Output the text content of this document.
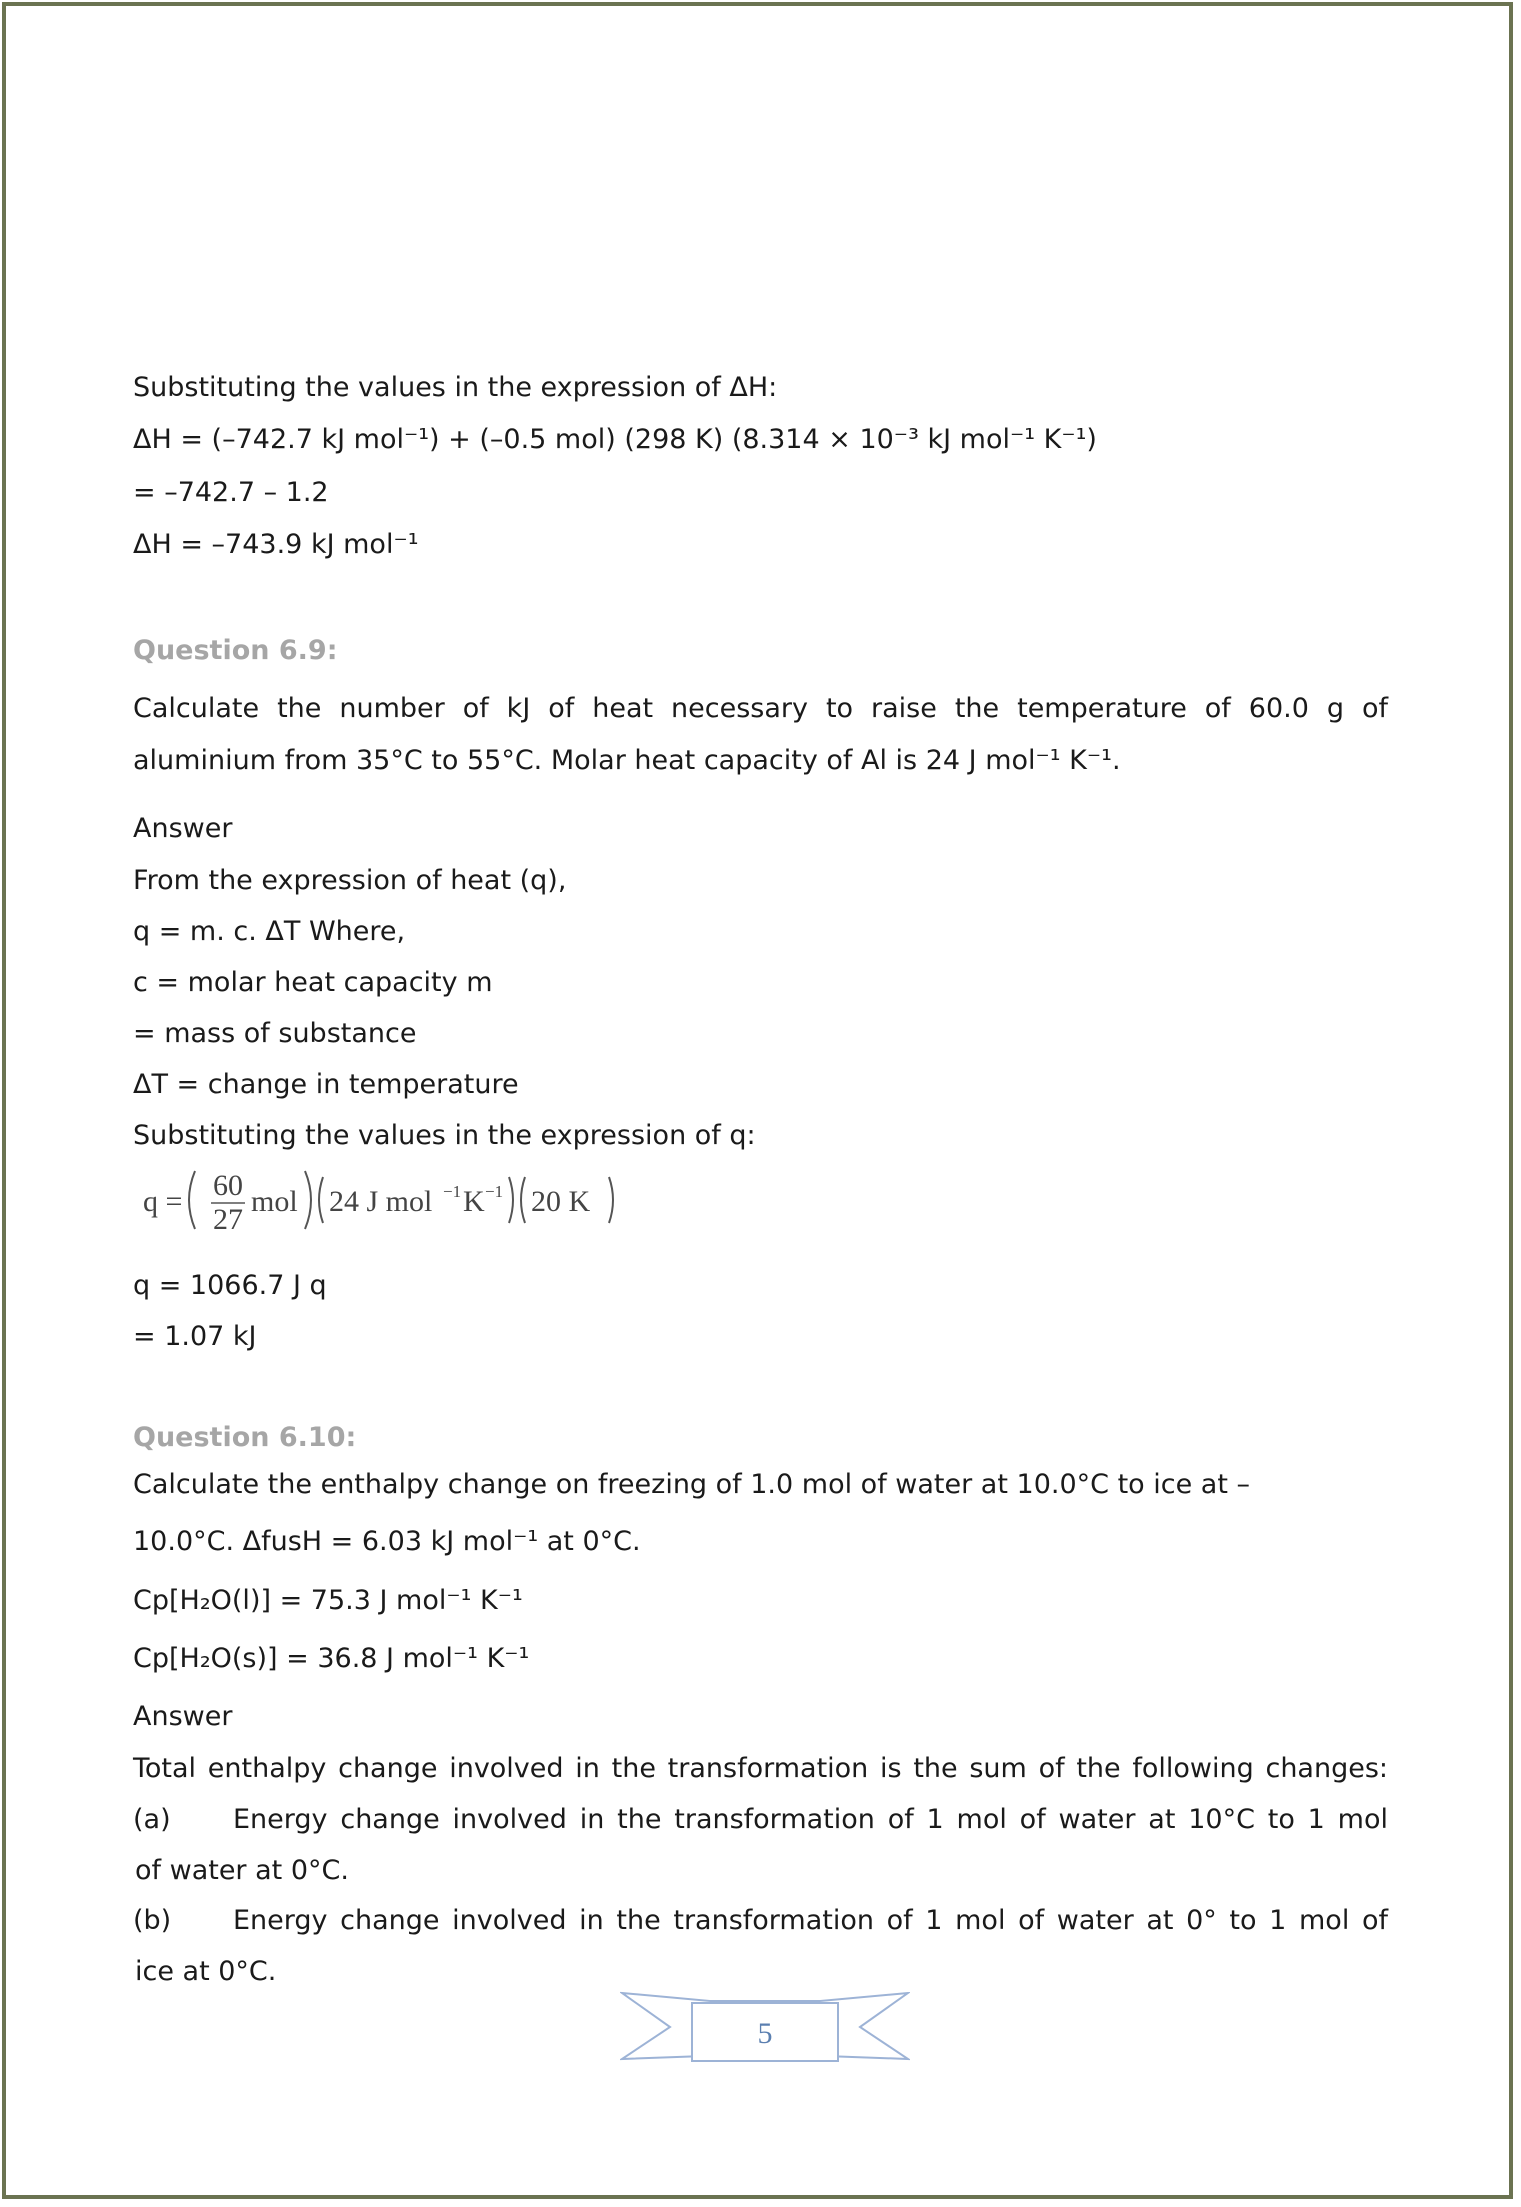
Substituting the values in the expression of ΔH:
ΔH = (–742.7 kJ mol⁻¹) + (–0.5 mol) (298 K) (8.314 × 10⁻³ kJ mol⁻¹ K⁻¹)
= –742.7 – 1.2
ΔH = –743.9 kJ mol⁻¹
Question 6.9:
Calculate the number of kJ of heat necessary to raise the temperature of 60.0 g of aluminium from 35°C to 55°C. Molar heat capacity of Al is 24 J mol⁻¹ K⁻¹.
Answer
From the expression of heat (q),
q = m. c. ΔT Where,
c = molar heat capacity m
= mass of substance
ΔT = change in temperature
Substituting the values in the expression of q:
q = 60
27
mol 24 J mol −1 K −1 20 K
q = 1066.7 J q
= 1.07 kJ
Question 6.10:
Calculate the enthalpy change on freezing of 1.0 mol of water at 10.0°C to ice at –
10.0°C. ΔfusH = 6.03 kJ mol⁻¹ at 0°C.
Cp[H₂O(l)] = 75.3 J mol⁻¹ K⁻¹
Cp[H₂O(s)] = 36.8 J mol⁻¹ K⁻¹
Answer
Total enthalpy change involved in the transformation is the sum of the following changes:
(a)	Energy change involved in the transformation of 1 mol of water at 10°C to 1 mol
of water at 0°C.
(b)	Energy change involved in the transformation of 1 mol of water at 0° to 1 mol of
ice at 0°C.
5
